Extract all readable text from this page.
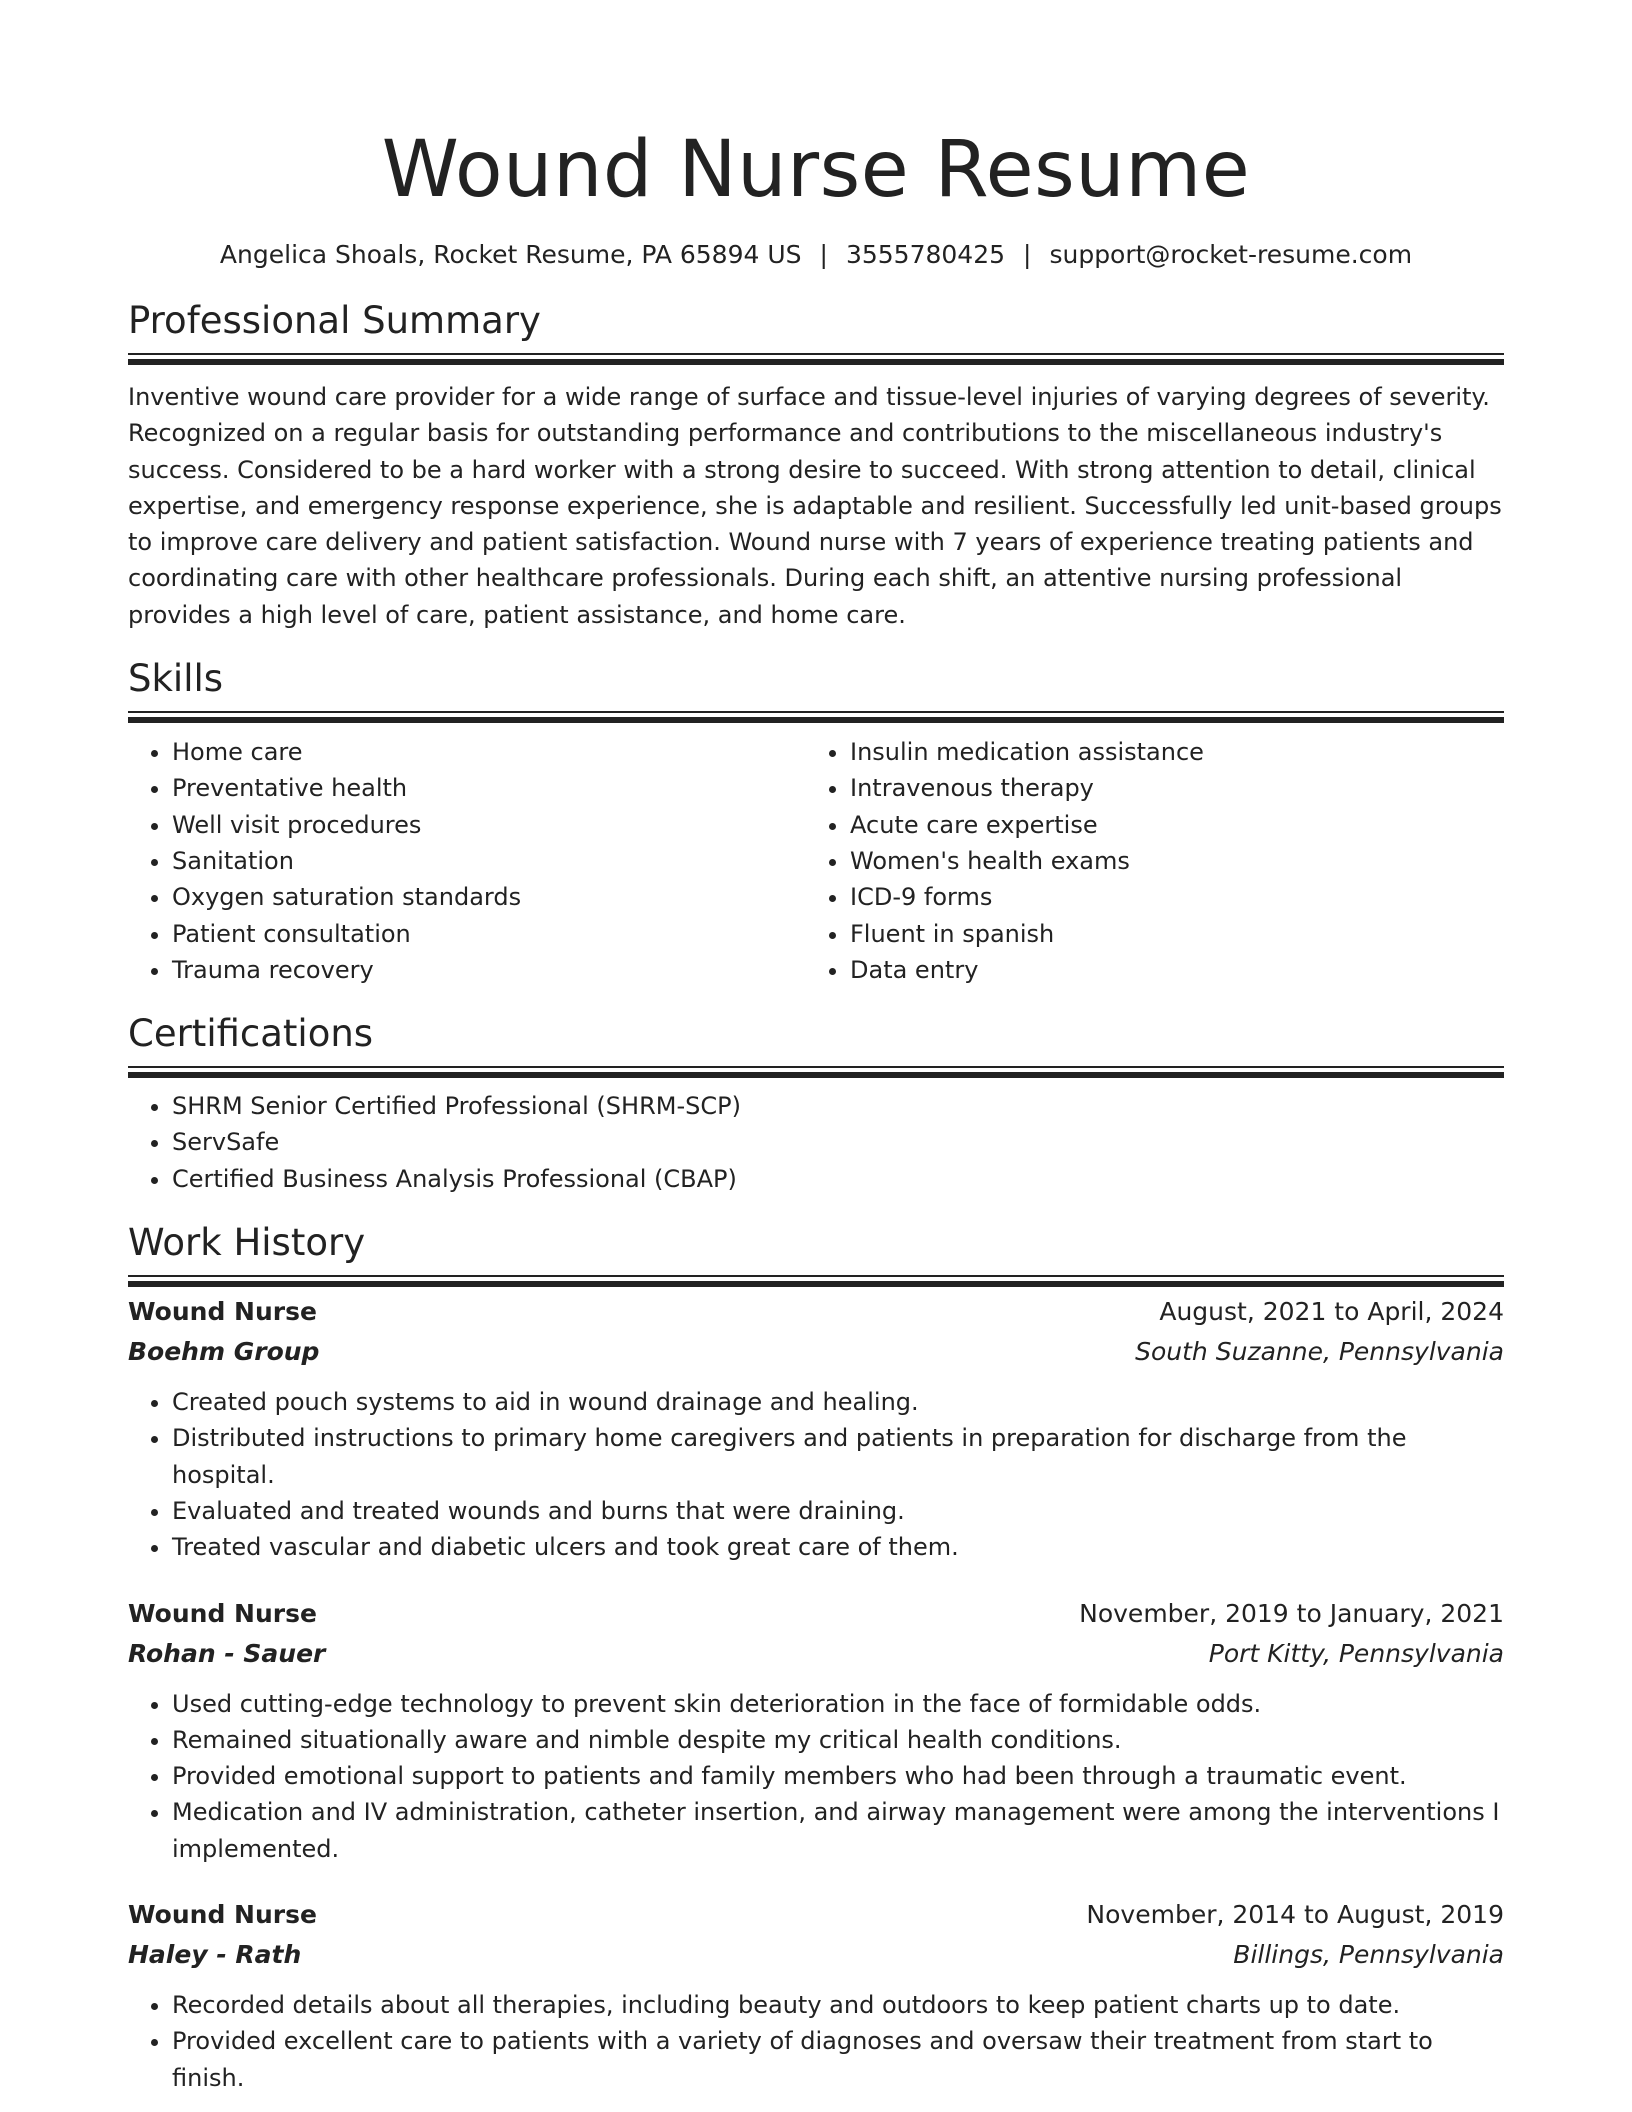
Wound Nurse Resume
Angelica Shoals, Rocket Resume, PA 65894 US | 3555780425 | support@rocket-resume.com
Professional Summary

Inventive wound care provider for a wide range of surface and tissue-level injuries of varying degrees of severity. Recognized on a regular basis for outstanding performance and contributions to the miscellaneous industry's success. Considered to be a hard worker with a strong desire to succeed. With strong attention to detail, clinical expertise, and emergency response experience, she is adaptable and resilient. Successfully led unit-based groups to improve care delivery and patient satisfaction. Wound nurse with 7 years of experience treating patients and coordinating care with other healthcare professionals. During each shift, an attentive nursing professional provides a high level of care, patient assistance, and home care.

Skills
• Home care
• Preventative health
• Well visit procedures
• Sanitation
• Oxygen saturation standards
• Patient consultation
• Trauma recovery
• Insulin medication assistance
• Intravenous therapy
• Acute care expertise
• Women's health exams
• ICD-9 forms
• Fluent in spanish
• Data entry
Certifications
• SHRM Senior Certified Professional (SHRM-SCP)
• ServSafe
• Certified Business Analysis Professional (CBAP)
Work History
Wound Nurse	August, 2021 to April, 2024
Boehm Group	South Suzanne, Pennsylvania
• Created pouch systems to aid in wound drainage and healing.
• Distributed instructions to primary home caregivers and patients in preparation for discharge from the hospital.
• Evaluated and treated wounds and burns that were draining.
• Treated vascular and diabetic ulcers and took great care of them.
Wound Nurse	November, 2019 to January, 2021
Rohan - Sauer	Port Kitty, Pennsylvania
• Used cutting-edge technology to prevent skin deterioration in the face of formidable odds.
• Remained situationally aware and nimble despite my critical health conditions.
• Provided emotional support to patients and family members who had been through a traumatic event.
• Medication and IV administration, catheter insertion, and airway management were among the interventions I implemented.
Wound Nurse	November, 2014 to August, 2019
Haley - Rath	Billings, Pennsylvania
• Recorded details about all therapies, including beauty and outdoors to keep patient charts up to date.
• Provided excellent care to patients with a variety of diagnoses and oversaw their treatment from start to finish.
